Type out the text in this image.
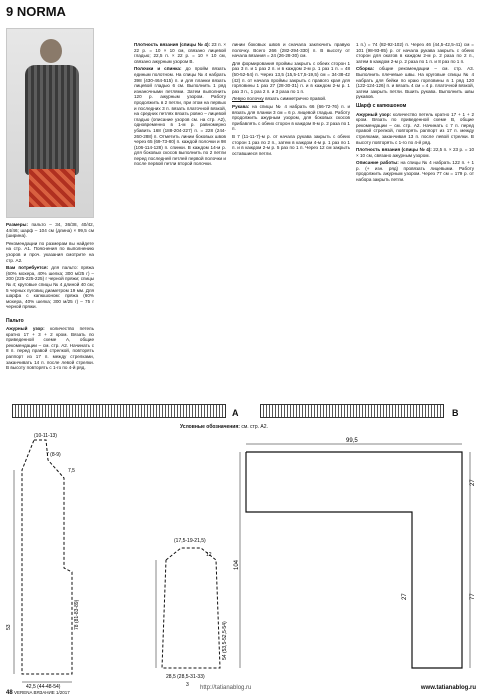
9 NORMA

Размеры: пальто – 34, 36/38, 40/42, 44/46; шарф – 104 см (длина) × 99,5 см (ширина).

Рекомендации по размерам вы найдете на стр. А1. Пояснения по выполнению узоров и проч. указания смотрите на стр. А2.

Вам потребуется: для пальто: пряжа (60% мохера, 40% шелка; 300 м/25 г) – 200 (225-225-225) г черной пряжи; спицы № 4; круговые спицы № 4 длиной 40 см; 5 черных пуговиц диаметром 19 мм. Для шарфа с капюшоном: пряжа (60% мохера, 40% шелка; 300 м/25 г) – 75 г черной пряжи.

Пальто

Ажурный узор: количество петель кратно 17 + 3 + 2 кром. Вязать по приведенной схеме А, общие рекомендации – см. стр. А2. Начинать с 8 п. перед правой стрелкой, повторять раппорт из 17 п. между стрелками, заканчивать 14 п. после левой стрелки. В высоту повторять с 1-го по 4-й ряд.

Плотность вязания (спицы № 4): 23 п. × 22 р. = 10 × 10 см, связано лицевой гладью; 22,5 п. × 22 р. = 10 × 10 см, связано ажурным узором В.

Полочки и спинка: до пройм вязать единым полотном. На спицы № 4 набрать 398 (430-464-515) п. и для планки вязать лицевой гладью 6 см. Выполнить 1 ряд изнаночными петлями. Затем выполнить 120 р. ажурным узором. Работу продолжить в 2 петли, при этом на первых и последних 3 п. вязать платочной вязкой, на средних петлях вязать ровно – лицевой гладью (описание узоров см. на стр. А2), одновременно в 1-м р. равномерно убавить 168 (188-204-227) п. = 228 (244-260-288) п. Отметить линии боковых швов через 65 (69-73-80) п. каждой полочки и 98 (106-114-128) п. спинки. В каждом 14-м р. для боковых скосов выполнить по 2 петли перед последней петлей первой полочки и после первой петли второй полочки.

линии боковых швов и сначала заключить правую полочку. Всего 266 (282-294-330) п. В высоту от начала вязания = 24 (26-28-30) см.

Для формирования проймы закрыть с обеих сторон 1 раз 3 п. и 1 раз 2 п. и в каждом 2-м р. 1 раз 1 п. = 48 (50-52-54) п. Через 13,5 (15,5-17,5-19,5) см = 34-38-42 (42) п. от начала проймы закрыть с правого края для горловины 1 раз 27 (28-30-31) п. и в каждом 2-м р. 1 раз 3 п., 1 раз 2 п. и 3 раза по 1 п.

Левую полочку вязать симметрично правой.

Рукава: на спицы № 4 набрать 66 (66-72-76) п. и вязать для планки 3 см = 6 р. лицевой гладью. Работу продолжить ажурным узором, для боковых скосов прибавлять с обеих сторон в каждом 8-м р. 2 раза по 1 п.

В 7 (11-11-7)-м р. от начала рукава закрыть с обеих сторон 1 раз по 2 п., затем в каждом 4-м р. 1 раз по 1 п. и в каждом 2-м р. 5 раз по 1 п. Через 12 см закрыть оставшиеся петли.

1 п.) = 74 (82-92-102) п. Через 46 (44,5-42,5-41) см = 101 (98-93-85) р. от начала рукава закрыть с обеих сторон для окатов в каждом 2-м р. 2 раза по 2 п., затем в каждом 2-м р. 2 раза по 1 п. и 8 раз по 1 п.

Сборка: общие рекомендации – см. стр. А3. Выполнить плечевые швы. На круговые спицы № 4 набрать для бейки по краю горловины в 1 ряд 120 (122-124-126) п. и вязать 4 см = 4 р. платочной вязкой, затем закрыть петли. Вшить рукава. Выполнить швы рукавов.

Шарф с капюшоном

Ажурный узор: количество петель кратно 17 + 1 + 2 кром. Вязать по приведенной схеме В, общие рекомендации – см. стр. А2. Начинать с 7 п. перед правой стрелкой, повторять раппорт из 17 п. между стрелками, заканчивая 13 п. после левой стрелки. В высоту повторять с 1-го по 4-й ряд.

Плотность вязания (спицы № 4): 22,5 п. × 23 р. = 10 × 10 см, связано ажурным узором.

Описание работы: на спицы № 4 набрать 122 п. + 1 р. (+ изн. ряд) провязать лицевыми. Работу продолжить ажурным узором. Через 77 см = 179 р. от набора закрыть петли.

A	B
Условные обозначения: см. стр. А2.
(10-11-13)
7 (8-9)
7,5
53	78 (81-83-89)
42,5 (44-48-54)
(17,5-19-21,5)
12
54 (53,5-52,5-54)
28,5 (28,5-31-33)
3
99,5
104
27
77
27
48 VERENA ВЯЗАНИЕ 1/2017
http://tatianablog.ru	www.tatianablog.ru
